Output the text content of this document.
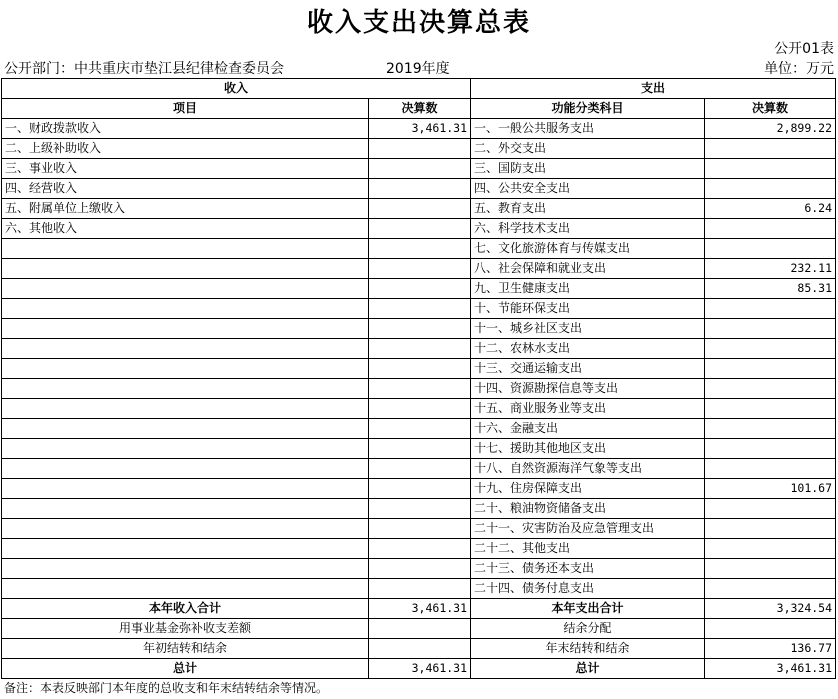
收入支出决算总表
公开01表
公开部门：中共重庆市垫江县纪律检查委员会	2019年度	单位：万元
收入		支出	
项目	决算数	功能分类科目	决算数
一、财政拨款收入	3,461.31	一、一般公共服务支出	2,899.22
二、上级补助收入		二、外交支出	
三、事业收入		三、国防支出	
四、经营收入		四、公共安全支出	
五、附属单位上缴收入		五、教育支出	6.24
六、其他收入		六、科学技术支出	
		七、文化旅游体育与传媒支出	
		八、社会保障和就业支出	232.11
		九、卫生健康支出	85.31
		十、节能环保支出	
		十一、城乡社区支出	
		十二、农林水支出	
		十三、交通运输支出	
		十四、资源勘探信息等支出	
		十五、商业服务业等支出	
		十六、金融支出	
		十七、援助其他地区支出	
		十八、自然资源海洋气象等支出	
		十九、住房保障支出	101.67
		二十、粮油物资储备支出	
		二十一、灾害防治及应急管理支出	
		二十二、其他支出	
		二十三、债务还本支出	
		二十四、债务付息支出	
本年收入合计	3,461.31	本年支出合计	3,324.54
用事业基金弥补收支差额		结余分配	
年初结转和结余		年末结转和结余	136.77
总计	3,461.31	总计	3,461.31
备注：本表反映部门本年度的总收支和年末结转结余等情况。
